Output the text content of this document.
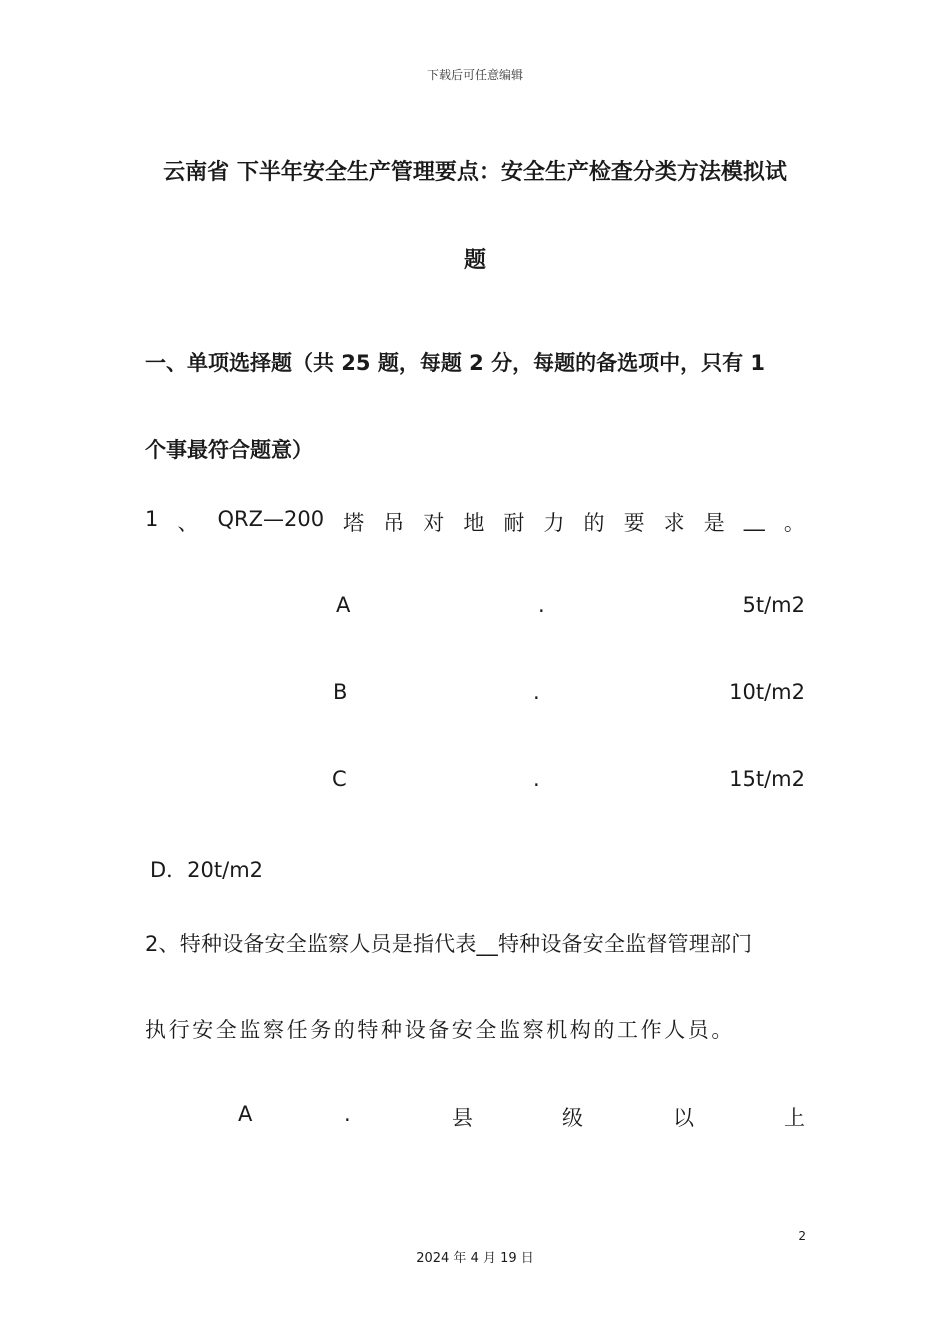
下载后可任意编辑
云南省 下半年安全生产管理要点：安全生产检查分类方法模拟试
题
一、单项选择题（共 25 题，每题 2 分，每题的备选项中，只有 1
个事最符合题意）
1 、 QRZ—200 塔 吊 对 地 耐 力 的 要 求 是 __ 。
A	.	5t/m2
B	.	10t/m2
C	.	15t/m2
D．20t/m2
2、特种设备安全监察人员是指代表__特种设备安全监督管理部门
执行安全监察任务的特种设备安全监察机构的工作人员。
A	.	县	级	以	上
2
2024 年 4 月 19 日
